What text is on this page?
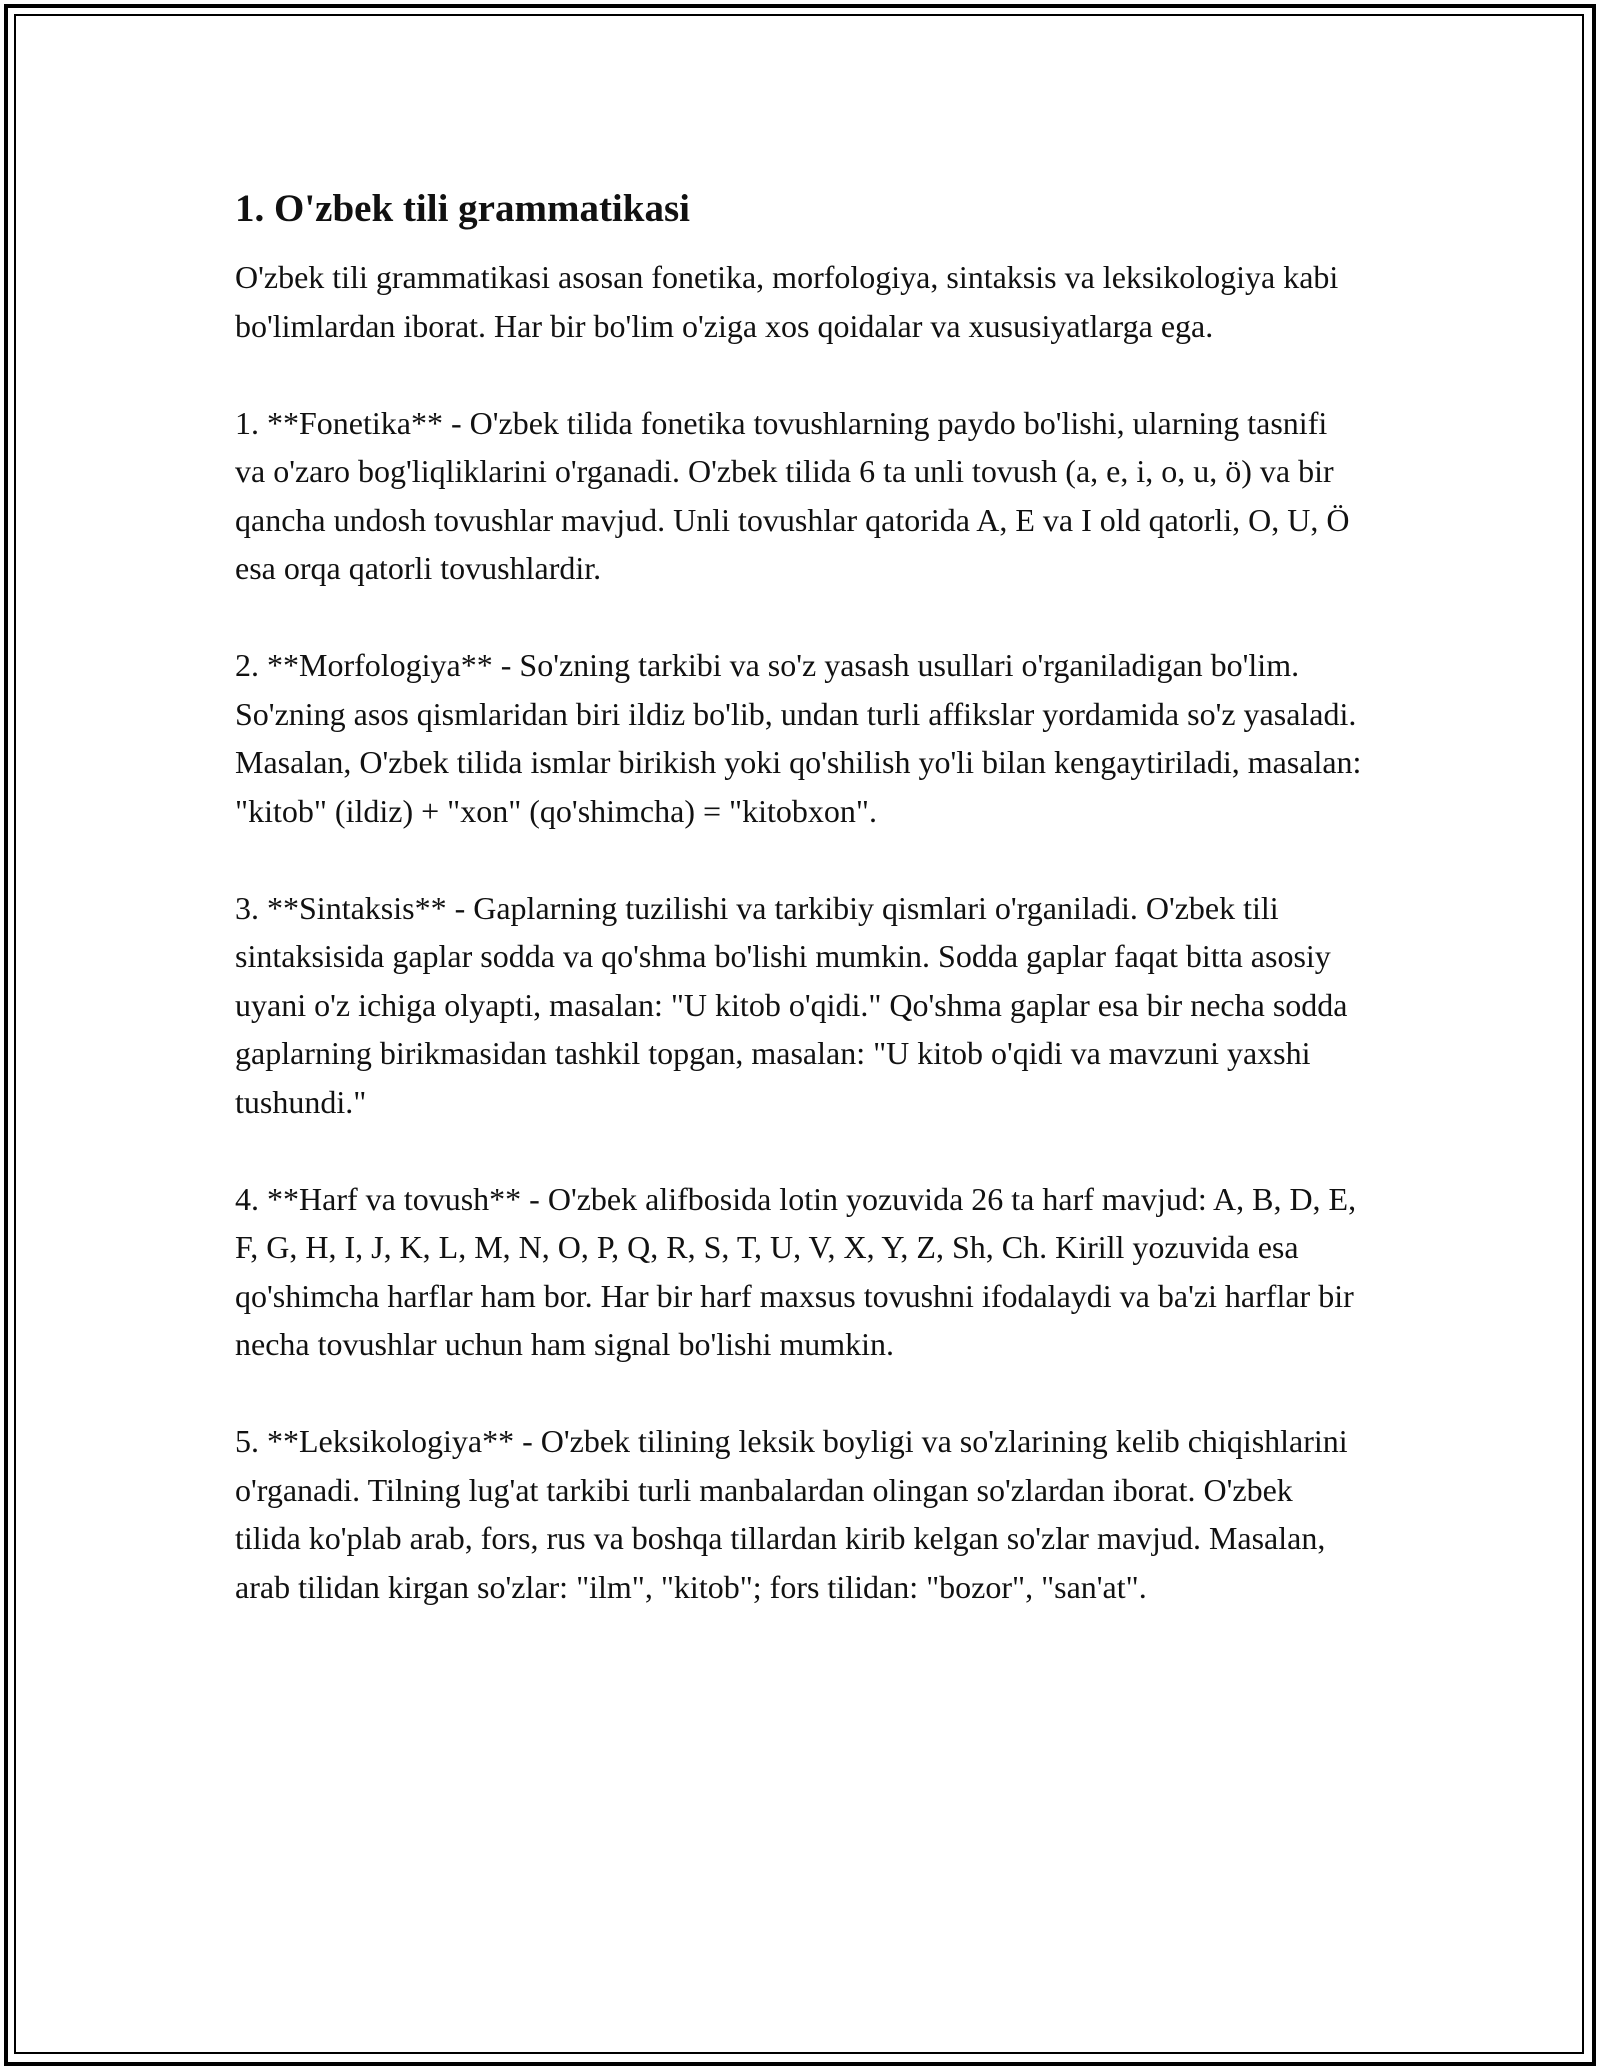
1. O'zbek tili grammatikasi

O'zbek tili grammatikasi asosan fonetika, morfologiya, sintaksis va leksikologiya kabi bo'limlardan iborat. Har bir bo'lim o'ziga xos qoidalar va xususiyatlarga ega.

1. **Fonetika** - O'zbek tilida fonetika tovushlarning paydo bo'lishi, ularning tasnifi va o'zaro bog'liqliklarini o'rganadi. O'zbek tilida 6 ta unli tovush (a, e, i, o, u, ö) va bir qancha undosh tovushlar mavjud. Unli tovushlar qatorida A, E va I old qatorli, O, U, Ö esa orqa qatorli tovushlardir.

2. **Morfologiya** - So'zning tarkibi va so'z yasash usullari o'rganiladigan bo'lim. So'zning asos qismlaridan biri ildiz bo'lib, undan turli affikslar yordamida so'z yasaladi. Masalan, O'zbek tilida ismlar birikish yoki qo'shilish yo'li bilan kengaytiriladi, masalan: "kitob" (ildiz) + "xon" (qo'shimcha) = "kitobxon".

3. **Sintaksis** - Gaplarning tuzilishi va tarkibiy qismlari o'rganiladi. O'zbek tili sintaksisida gaplar sodda va qo'shma bo'lishi mumkin. Sodda gaplar faqat bitta asosiy uyani o'z ichiga olyapti, masalan: "U kitob o'qidi." Qo'shma gaplar esa bir necha sodda gaplarning birikmasidan tashkil topgan, masalan: "U kitob o'qidi va mavzuni yaxshi tushundi."

4. **Harf va tovush** - O'zbek alifbosida lotin yozuvida 26 ta harf mavjud: A, B, D, E, F, G, H, I, J, K, L, M, N, O, P, Q, R, S, T, U, V, X, Y, Z, Sh, Ch. Kirill yozuvida esa qo'shimcha harflar ham bor. Har bir harf maxsus tovushni ifodalaydi va ba'zi harflar bir necha tovushlar uchun ham signal bo'lishi mumkin.

5. **Leksikologiya** - O'zbek tilining leksik boyligi va so'zlarining kelib chiqishlarini o'rganadi. Tilning lug'at tarkibi turli manbalardan olingan so'zlardan iborat. O'zbek tilida ko'plab arab, fors, rus va boshqa tillardan kirib kelgan so'zlar mavjud. Masalan, arab tilidan kirgan so'zlar: "ilm", "kitob"; fors tilidan: "bozor", "san'at".
